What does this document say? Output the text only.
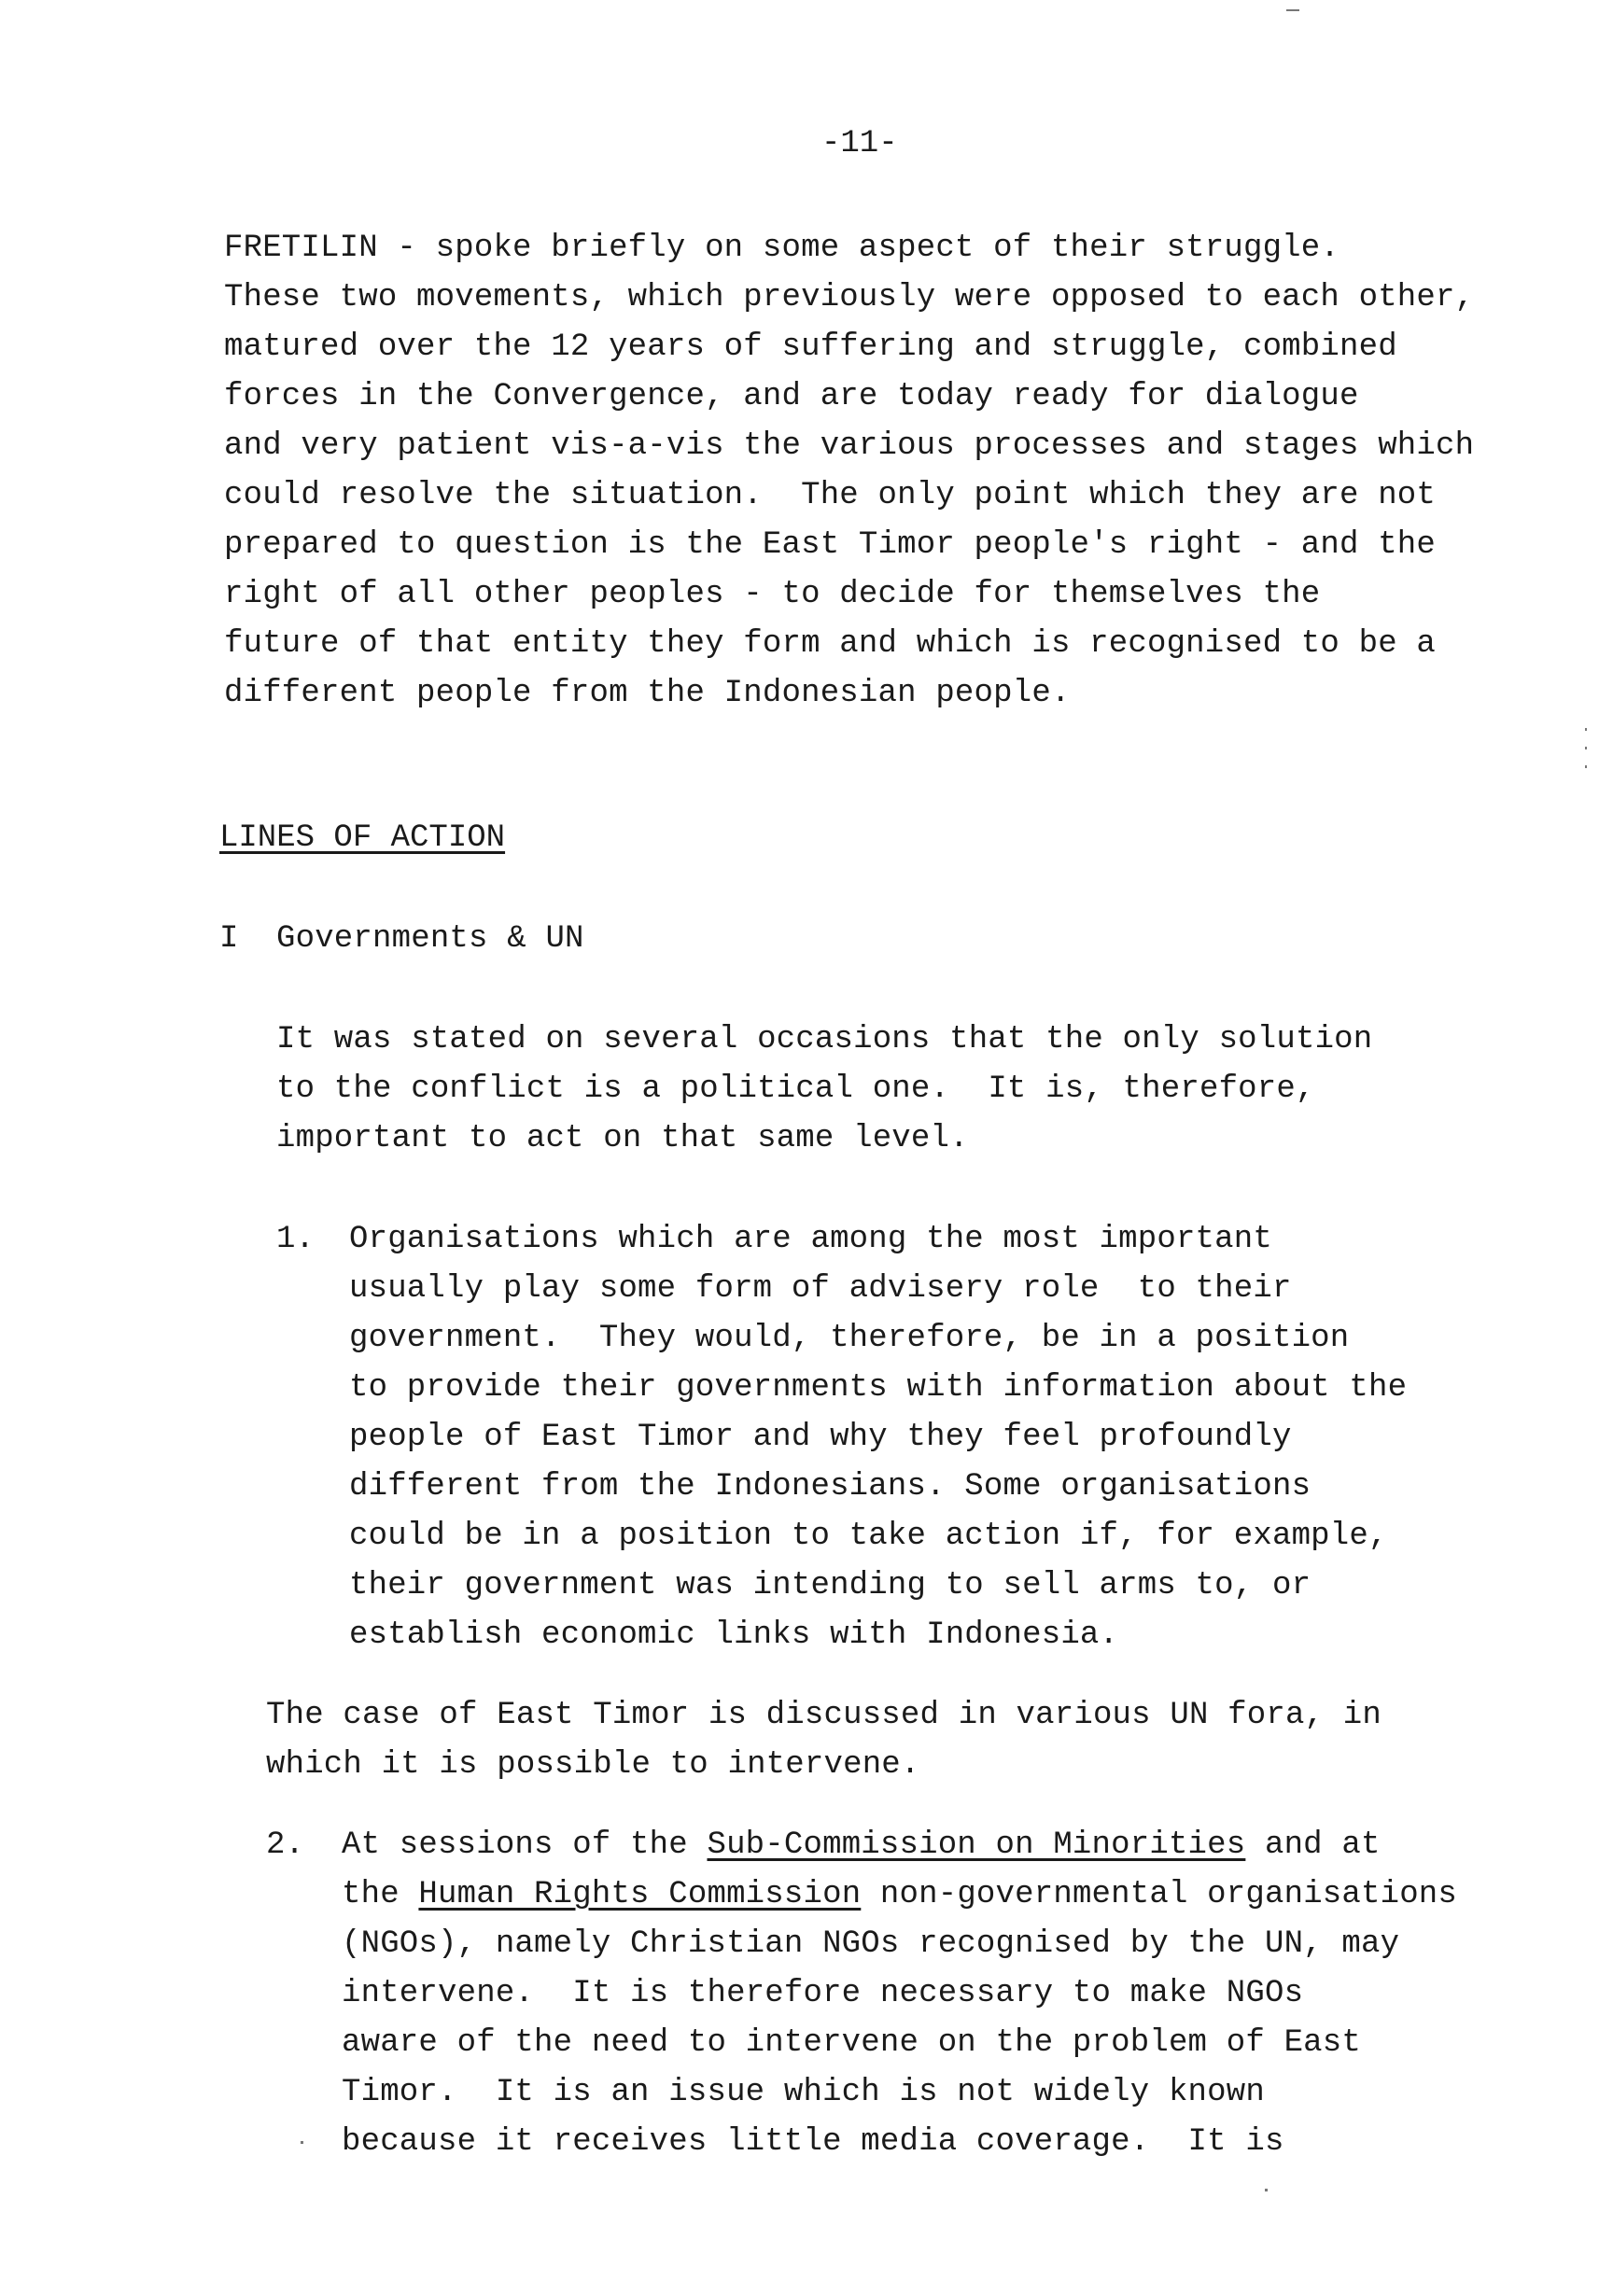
-11-
FRETILIN - spoke briefly on some aspect of their struggle.
These two movements, which previously were opposed to each other,
matured over the 12 years of suffering and struggle, combined
forces in the Convergence, and are today ready for dialogue
and very patient vis-a-vis the various processes and stages which
could resolve the situation.  The only point which they are not
prepared to question is the East Timor people's right - and the
right of all other peoples - to decide for themselves the
future of that entity they form and which is recognised to be a
different people from the Indonesian people.
LINES OF ACTION
I Governments & UN
It was stated on several occasions that the only solution
to the conflict is a political one.  It is, therefore,
important to act on that same level.
1. Organisations which are among the most important
usually play some form of advisery role  to their
government.  They would, therefore, be in a position
to provide their governments with information about the
people of East Timor and why they feel profoundly
different from the Indonesians. Some organisations
could be in a position to take action if, for example,
their government was intending to sell arms to, or
establish economic links with Indonesia.
The case of East Timor is discussed in various UN fora, in
which it is possible to intervene.
2. At sessions of the Sub-Commission on Minorities and at
the Human Rights Commission non-governmental organisations
(NGOs), namely Christian NGOs recognised by the UN, may
intervene.  It is therefore necessary to make NGOs
aware of the need to intervene on the problem of East
Timor.  It is an issue which is not widely known
because it receives little media coverage.  It is
